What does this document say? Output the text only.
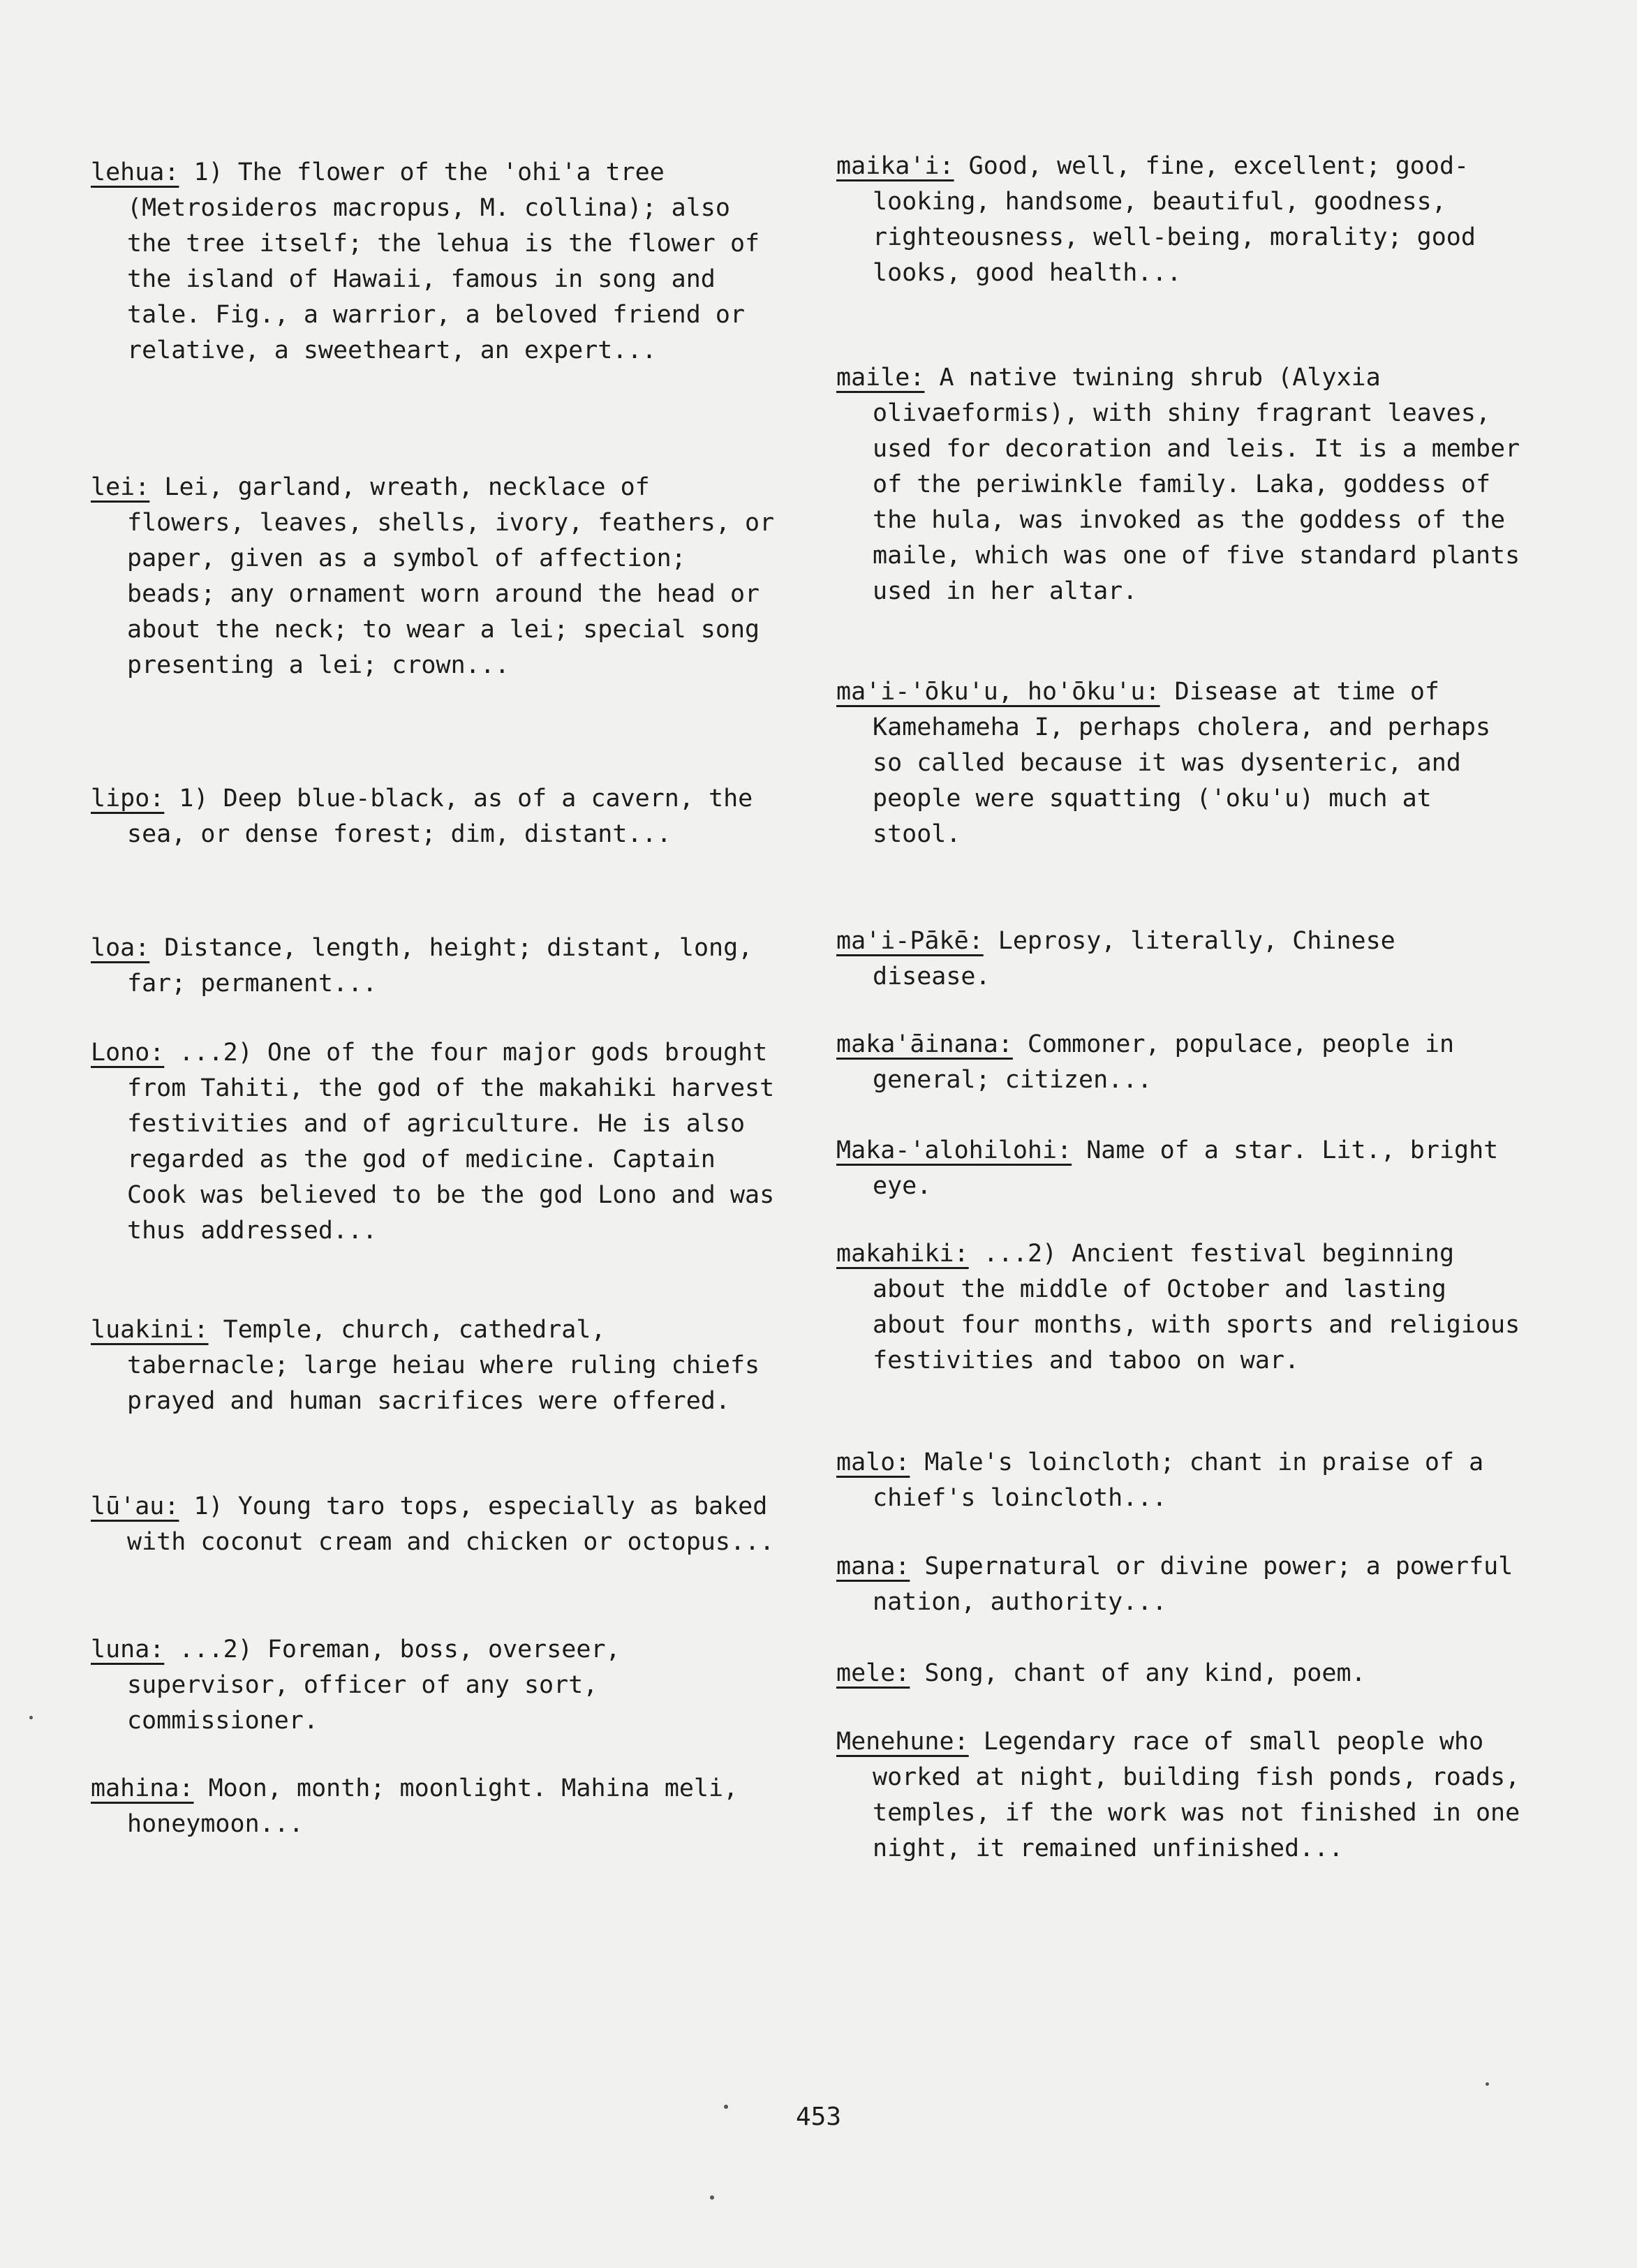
lehua: 1) The flower of the 'ohi'a tree (Metrosideros macropus, M. collina); also the tree itself; the lehua is the flower of the island of Hawaii, famous in song and tale. Fig., a warrior, a beloved friend or relative, a sweetheart, an expert...

lei: Lei, garland, wreath, necklace of flowers, leaves, shells, ivory, feathers, or paper, given as a symbol of affection; beads; any ornament worn around the head or about the neck; to wear a lei; special song presenting a lei; crown...

lipo: 1) Deep blue-black, as of a cavern, the sea, or dense forest; dim, distant...

loa: Distance, length, height; distant, long, far; permanent...

Lono: ...2) One of the four major gods brought from Tahiti, the god of the makahiki harvest festivities and of agriculture. He is also regarded as the god of medicine. Captain Cook was believed to be the god Lono and was thus addressed...

luakini: Temple, church, cathedral, tabernacle; large heiau where ruling chiefs prayed and human sacrifices were offered.

lū'au: 1) Young taro tops, especially as baked with coconut cream and chicken or octopus...

luna: ...2) Foreman, boss, overseer, supervisor, officer of any sort, commissioner.

mahina: Moon, month; moonlight. Mahina meli, honeymoon...

maika'i: Good, well, fine, excellent; good-looking, handsome, beautiful, goodness, righteousness, well-being, morality; good looks, good health...

maile: A native twining shrub (Alyxia olivaeformis), with shiny fragrant leaves, used for decoration and leis. It is a member of the periwinkle family. Laka, goddess of the hula, was invoked as the goddess of the maile, which was one of five standard plants used in her altar.

ma'i-'ōku'u, ho'ōku'u: Disease at time of Kamehameha I, perhaps cholera, and perhaps so called because it was dysenteric, and people were squatting ('oku'u) much at stool.

ma'i-Pākē: Leprosy, literally, Chinese disease.

maka'āinana: Commoner, populace, people in general; citizen...

Maka-'alohilohi: Name of a star. Lit., bright eye.

makahiki: ...2) Ancient festival beginning about the middle of October and lasting about four months, with sports and religious festivities and taboo on war.

malo: Male's loincloth; chant in praise of a chief's loincloth...

mana: Supernatural or divine power; a powerful nation, authority...

mele: Song, chant of any kind, poem.

Menehune: Legendary race of small people who worked at night, building fish ponds, roads, temples, if the work was not finished in one night, it remained unfinished...

453
